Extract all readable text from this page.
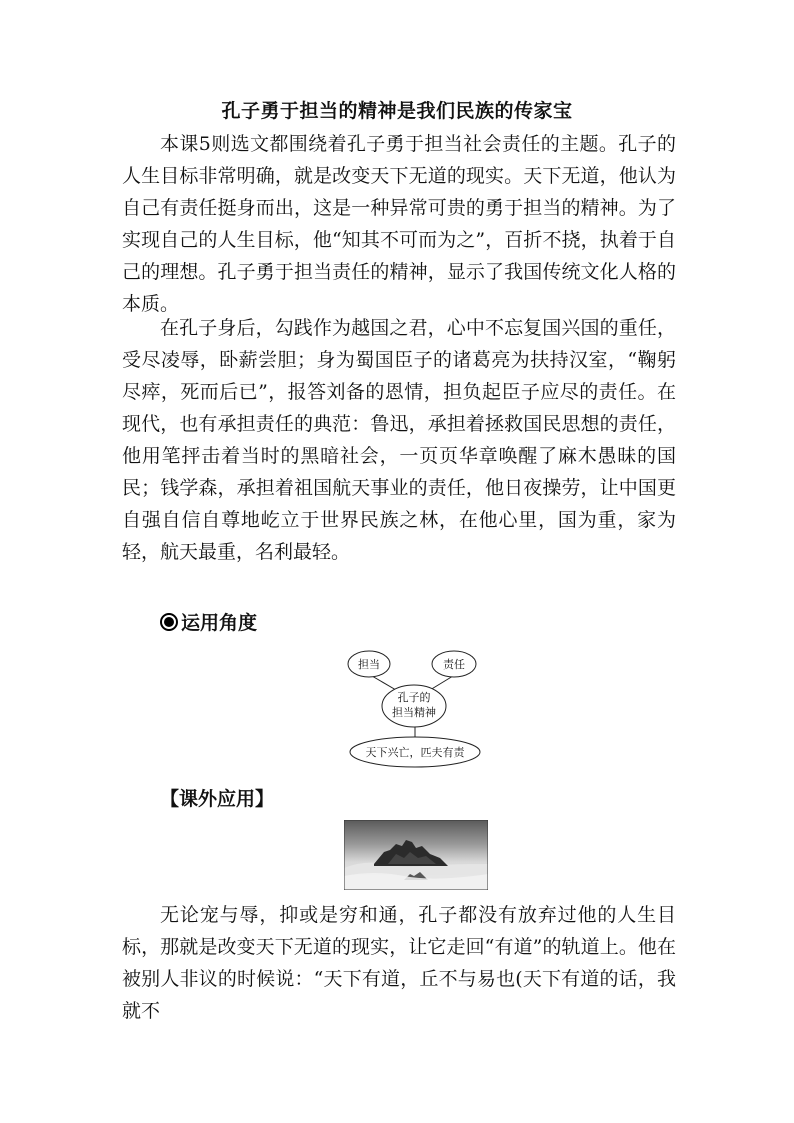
孔子勇于担当的精神是我们民族的传家宝

本课5则选文都围绕着孔子勇于担当社会责任的主题。孔子的人生目标非常明确，就是改变天下无道的现实。天下无道，他认为自己有责任挺身而出，这是一种异常可贵的勇于担当的精神。为了实现自己的人生目标，他“知其不可而为之”，百折不挠，执着于自己的理想。孔子勇于担当责任的精神，显示了我国传统文化人格的本质。

在孔子身后，勾践作为越国之君，心中不忘复国兴国的重任，受尽凌辱，卧薪尝胆；身为蜀国臣子的诸葛亮为扶持汉室，“鞠躬尽瘁，死而后已”，报答刘备的恩情，担负起臣子应尽的责任。在现代，也有承担责任的典范：鲁迅，承担着拯救国民思想的责任，他用笔抨击着当时的黑暗社会，一页页华章唤醒了麻木愚昧的国民；钱学森，承担着祖国航天事业的责任，他日夜操劳，让中国更自强自信自尊地屹立于世界民族之林，在他心里，国为重，家为轻，航天最重，名利最轻。

运用角度
担当	责任
孔子的
担当精神
天下兴亡，匹夫有责
【课外应用】

无论宠与辱，抑或是穷和通，孔子都没有放弃过他的人生目标，那就是改变天下无道的现实，让它走回“有道”的轨道上。他在被别人非议的时候说：“天下有道，丘不与易也(天下有道的话，我就不
